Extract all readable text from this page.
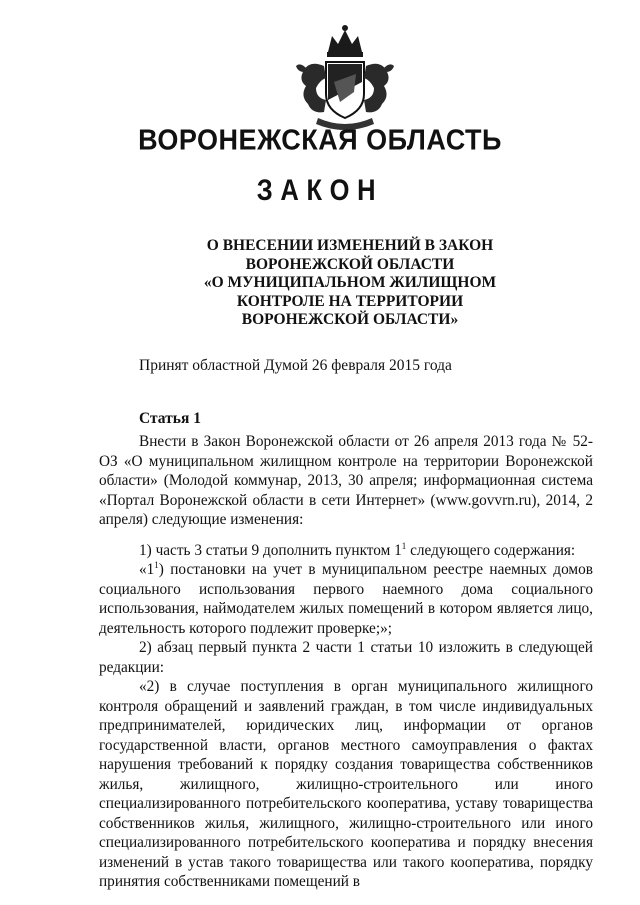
ВОРОНЕЖСКАЯ ОБЛАСТЬ
ЗАКОН
О ВНЕСЕНИИ ИЗМЕНЕНИЙ В ЗАКОН
ВОРОНЕЖСКОЙ ОБЛАСТИ
«О МУНИЦИПАЛЬНОМ ЖИЛИЩНОМ
КОНТРОЛЕ НА ТЕРРИТОРИИ
ВОРОНЕЖСКОЙ ОБЛАСТИ»
Принят областной Думой 26 февраля 2015 года
Статья 1

Внести в Закон Воронежской области от 26 апреля 2013 года № 52-ОЗ «О муниципальном жилищном контроле на территории Воронежской области» (Молодой коммунар, 2013, 30 апреля; информационная система «Портал Воронежской области в сети Интернет» (www.govvrn.ru), 2014, 2 апреля) следующие изменения:

1) часть 3 статьи 9 дополнить пунктом $1^1$ следующего содержания:

«$1^1$) постановки на учет в муниципальном реестре наемных домов социального использования первого наемного дома социального использования, наймодателем жилых помещений в котором является лицо, деятельность которого подлежит проверке;»;

2) абзац первый пункта 2 части 1 статьи 10 изложить в следующей редакции:

«2) в случае поступления в орган муниципального жилищного контроля обращений и заявлений граждан, в том числе индивидуальных предпринимателей, юридических лиц, информации от органов государственной власти, органов местного самоуправления о фактах нарушения требований к порядку создания товарищества собственников жилья, жилищного, жилищно-строительного или иного специализированного потребительского кооператива, уставу товарищества собственников жилья, жилищного, жилищно-строительного или иного специализированного потребительского кооператива и порядку внесения изменений в устав такого товарищества или такого кооператива, порядку принятия собственниками помещений в
